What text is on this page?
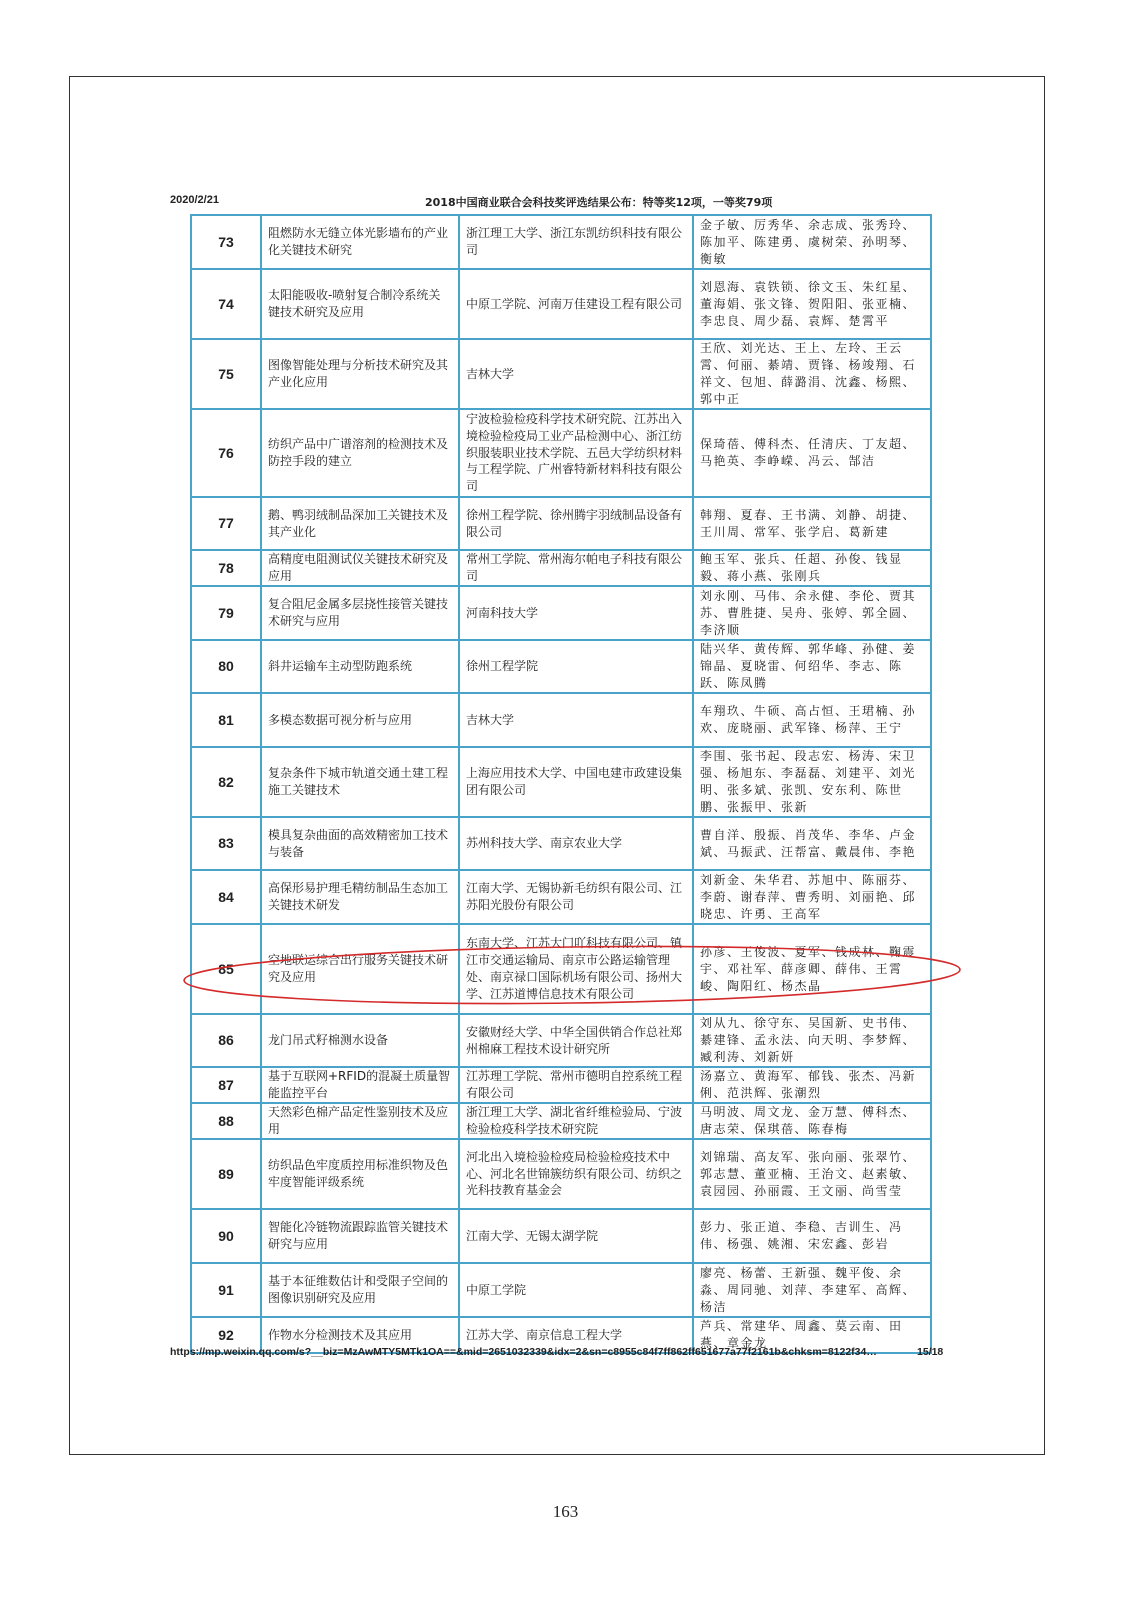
2020/2/21	2018中国商业联合会科技奖评选结果公布：特等奖12项，一等奖79项
73	阻燃防水无缝立体光影墙布的产业化关键技术研究	浙江理工大学、浙江东凯纺织科技有限公司	金子敏、厉秀华、余志成、张秀玲、陈加平、陈建勇、虞树荣、孙明琴、衡敏
74	太阳能吸收-喷射复合制冷系统关键技术研究及应用	中原工学院、河南万佳建设工程有限公司	刘恩海、袁铁锁、徐文玉、朱红星、董海娟、张文锋、贺阳阳、张亚楠、李忠良、周少磊、袁辉、楚霄平
75	图像智能处理与分析技术研究及其产业化应用	吉林大学	王欣、刘光达、王上、左玲、王云霄、何丽、綦靖、贾锋、杨竣翔、石祥文、包旭、薛潞涓、沈鑫、杨熙、郭中正
76	纺织产品中广谱溶剂的检测技术及防控手段的建立	宁波检验检疫科学技术研究院、江苏出入境检验检疫局工业产品检测中心、浙江纺织服装职业技术学院、五邑大学纺织材料与工程学院、广州睿特新材料科技有限公司	保琦蓓、傅科杰、任清庆、丁友超、马艳英、李峥嵘、冯云、郜洁
77	鹅、鸭羽绒制品深加工关键技术及其产业化	徐州工程学院、徐州腾宇羽绒制品设备有限公司	韩翔、夏春、王书满、刘静、胡捷、王川周、常军、张学启、葛新建
78	高精度电阻测试仪关键技术研究及应用	常州工学院、常州海尔帕电子科技有限公司	鲍玉军、张兵、任超、孙俊、钱显毅、蒋小燕、张刚兵
79	复合阻尼金属多层挠性接管关键技术研究与应用	河南科技大学	刘永刚、马伟、余永健、李伦、贾其苏、曹胜捷、吴舟、张婷、郭全圆、李济顺
80	斜井运输车主动型防跑系统	徐州工程学院	陆兴华、黄传辉、郭华峰、孙健、姜锦晶、夏晓雷、何绍华、李志、陈跃、陈凤腾
81	多模态数据可视分析与应用	吉林大学	车翔玖、牛硕、高占恒、王珺楠、孙欢、庞晓丽、武军锋、杨萍、王宁
82	复杂条件下城市轨道交通土建工程施工关键技术	上海应用技术大学、中国电建市政建设集团有限公司	李围、张书起、段志宏、杨涛、宋卫强、杨旭东、李磊磊、刘建平、刘光明、张多斌、张凯、安东利、陈世鹏、张振甲、张新
83	模具复杂曲面的高效精密加工技术与装备	苏州科技大学、南京农业大学	曹自洋、殷振、肖茂华、李华、卢金斌、马振武、汪帮富、戴晨伟、李艳
84	高保形易护理毛精纺制品生态加工关键技术研发	江南大学、无锡协新毛纺织有限公司、江苏阳光股份有限公司	刘新金、朱华君、苏旭中、陈丽芬、李蔚、谢春萍、曹秀明、刘丽艳、邱晓忠、许勇、王高军
85	空地联运综合出行服务关键技术研究及应用	东南大学、江苏大门吖科技有限公司、镇江市交通运输局、南京市公路运输管理处、南京禄口国际机场有限公司、扬州大学、江苏道博信息技术有限公司	孙彦、王俊波、夏军、钱成林、鞠震宇、邓社军、薛彦卿、薛伟、王霄峻、陶阳红、杨杰晶
86	龙门吊式籽棉测水设备	安徽财经大学、中华全国供销合作总社郑州棉麻工程技术设计研究所	刘从九、徐守东、吴国新、史书伟、綦建锋、孟永法、向天明、李梦辉、臧利涛、刘新妍
87	基于互联网+RFID的混凝土质量智能监控平台	江苏理工学院、常州市德明自控系统工程有限公司	汤嘉立、黄海军、郁钱、张杰、冯新俐、范洪辉、张潮烈
88	天然彩色棉产品定性鉴别技术及应用	浙江理工大学、湖北省纤维检验局、宁波检验检疫科学技术研究院	马明波、周文龙、金万慧、傅科杰、唐志荣、保琪蓓、陈春梅
89	纺织品色牢度质控用标准织物及色牢度智能评级系统	河北出入境检验检疫局检验检疫技术中心、河北名世锦簇纺织有限公司、纺织之光科技教育基金会	刘锦瑞、高友军、张向丽、张翠竹、郭志慧、董亚楠、王治文、赵素敏、袁园园、孙丽霞、王文丽、尚雪莹
90	智能化冷链物流跟踪监管关键技术研究与应用	江南大学、无锡太湖学院	彭力、张正道、李稳、吉训生、冯伟、杨强、姚湘、宋宏鑫、彭岩
91	基于本征维数估计和受限子空间的图像识别研究及应用	中原工学院	廖亮、杨蕾、王新强、魏平俊、余淼、周同驰、刘萍、李建军、高辉、杨洁
92	作物水分检测技术及其应用	江苏大学、南京信息工程大学	芦兵、常建华、周鑫、莫云南、田燕、章金龙
https://mp.weixin.qq.com/s?__biz=MzAwMTY5MTk1OA==&mid=2651032339&idx=2&sn=c8955c84f7ff862ff651677a77f2161b&chksm=8122f34…	15/18
163
